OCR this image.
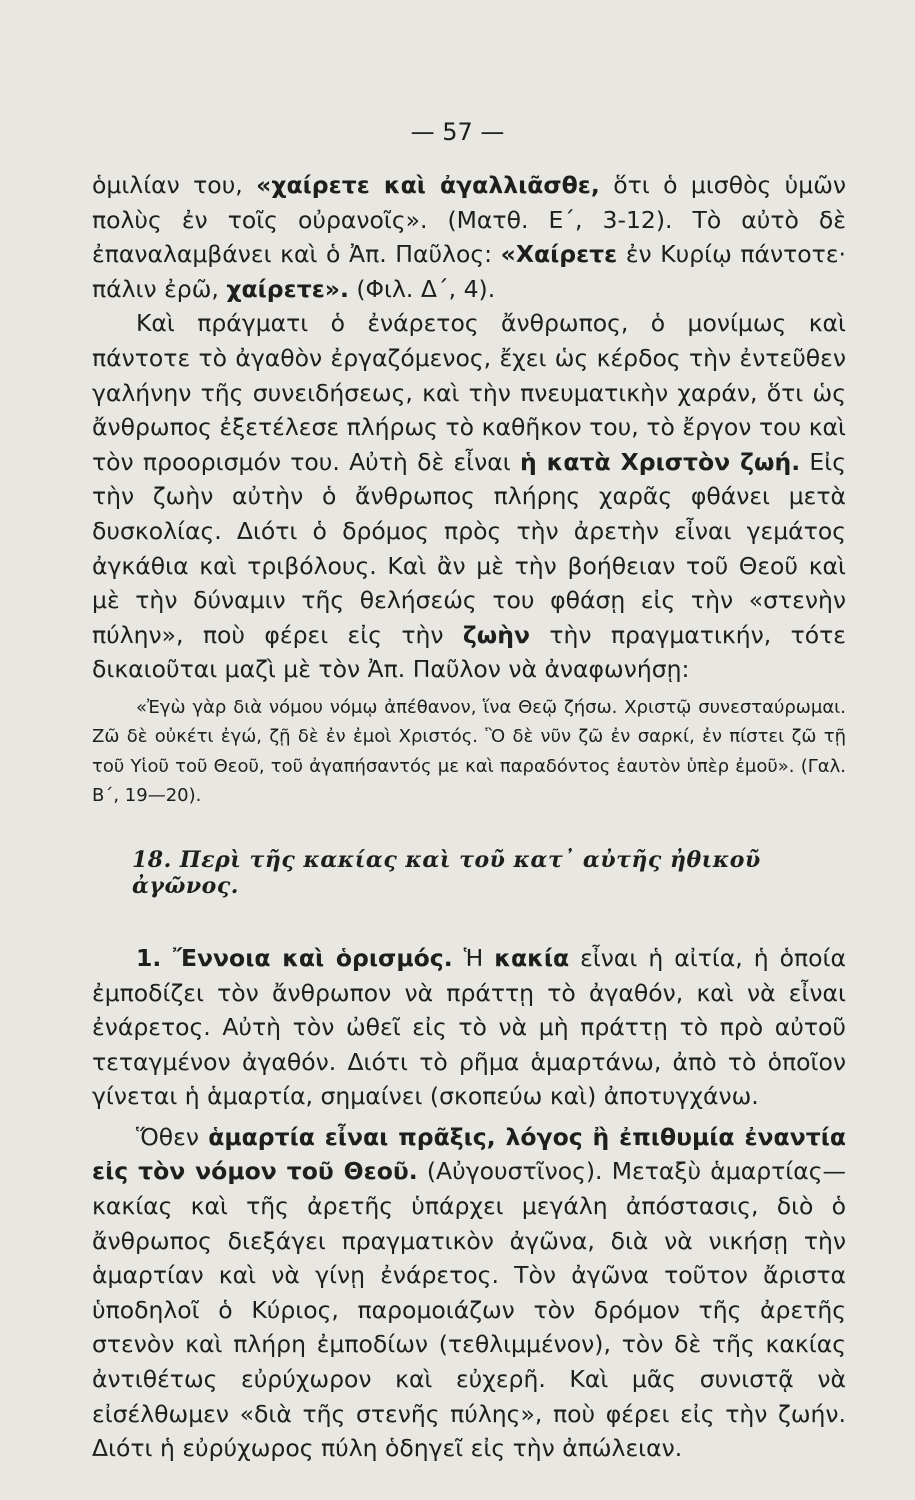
— 57 —

ὁμιλίαν του, «χαίρετε καὶ ἀγαλλιᾶσθε, ὅτι ὁ μισθὸς ὑμῶν πολὺς ἐν τοῖς οὐρανοῖς». (Ματθ. Ε΄, 3-12). Τὸ αὐτὸ δὲ ἐπαναλαμβάνει καὶ ὁ Ἀπ. Παῦλος: «Χαίρετε ἐν Κυρίῳ πάντοτε· πάλιν ἐρῶ, χαίρετε». (Φιλ. Δ΄, 4).

Καὶ πράγματι ὁ ἐνάρετος ἄνθρωπος, ὁ μονίμως καὶ πάντοτε τὸ ἀγαθὸν ἐργαζόμενος, ἔχει ὡς κέρδος τὴν ἐντεῦθεν γαλήνην τῆς συνειδήσεως, καὶ τὴν πνευματικὴν χαράν, ὅτι ὡς ἄνθρωπος ἐξετέλεσε πλήρως τὸ καθῆκον του, τὸ ἔργον του καὶ τὸν προορισμόν του. Αὐτὴ δὲ εἶναι ἡ κατὰ Χριστὸν ζωή. Εἰς τὴν ζωὴν αὐτὴν ὁ ἄνθρωπος πλήρης χαρᾶς φθάνει μετὰ δυσκολίας. Διότι ὁ δρόμος πρὸς τὴν ἀρετὴν εἶναι γεμάτος ἀγκάθια καὶ τριβόλους. Καὶ ἂν μὲ τὴν βοήθειαν τοῦ Θεοῦ καὶ μὲ τὴν δύναμιν τῆς θελήσεώς του φθάσῃ εἰς τὴν «στενὴν πύλην», ποὺ φέρει εἰς τὴν ζωὴν τὴν πραγματικήν, τότε δικαιοῦται μαζὶ μὲ τὸν Ἀπ. Παῦλον νὰ ἀναφωνήσῃ:

«Ἐγὼ γὰρ διὰ νόμου νόμῳ ἀπέθανον, ἵνα Θεῷ ζήσω. Χριστῷ συνεσταύρωμαι. Ζῶ δὲ οὐκέτι ἐγώ, ζῇ δὲ ἐν ἐμοὶ Χριστός. Ὃ δὲ νῦν ζῶ ἐν σαρκί, ἐν πίστει ζῶ τῇ τοῦ Υἱοῦ τοῦ Θεοῦ, τοῦ ἀγαπήσαντός με καὶ παραδόντος ἑαυτὸν ὑπὲρ ἐμοῦ». (Γαλ. Β΄, 19—20).

18. Περὶ τῆς κακίας καὶ τοῦ κατ᾽ αὐτῆς ἠθικοῦ ἀγῶνος.

1. Ἔννοια καὶ ὁρισμός. Ἡ κακία εἶναι ἡ αἰτία, ἡ ὁποία ἐμποδίζει τὸν ἄνθρωπον νὰ πράττῃ τὸ ἀγαθόν, καὶ νὰ εἶναι ἐνάρετος. Αὐτὴ τὸν ὠθεῖ εἰς τὸ νὰ μὴ πράττῃ τὸ πρὸ αὐτοῦ τεταγμένον ἀγαθόν. Διότι τὸ ρῆμα ἁμαρτάνω, ἀπὸ τὸ ὁποῖον γίνεται ἡ ἁμαρτία, σημαίνει (σκοπεύω καὶ) ἀποτυγχάνω.

Ὅθεν ἁμαρτία εἶναι πρᾶξις, λόγος ἢ ἐπιθυμία ἐναντία εἰς τὸν νόμον τοῦ Θεοῦ. (Αὐγουστῖνος). Μεταξὺ ἁμαρτίας—κακίας καὶ τῆς ἀρετῆς ὑπάρχει μεγάλη ἀπόστασις, διὸ ὁ ἄνθρωπος διεξάγει πραγματικὸν ἀγῶνα, διὰ νὰ νικήσῃ τὴν ἁμαρτίαν καὶ νὰ γίνῃ ἐνάρετος. Τὸν ἀγῶνα τοῦτον ἄριστα ὑποδηλοῖ ὁ Κύριος, παρομοιάζων τὸν δρόμον τῆς ἀρετῆς στενὸν καὶ πλήρη ἐμποδίων (τεθλιμμένον), τὸν δὲ τῆς κακίας ἀντιθέτως εὐρύχωρον καὶ εὐχερῆ. Καὶ μᾶς συνιστᾷ νὰ εἰσέλθωμεν «διὰ τῆς στενῆς πύλης», ποὺ φέρει εἰς τὴν ζωήν. Διότι ἡ εὐρύχωρος πύλη ὁδηγεῖ εἰς τὴν ἀπώλειαν.
